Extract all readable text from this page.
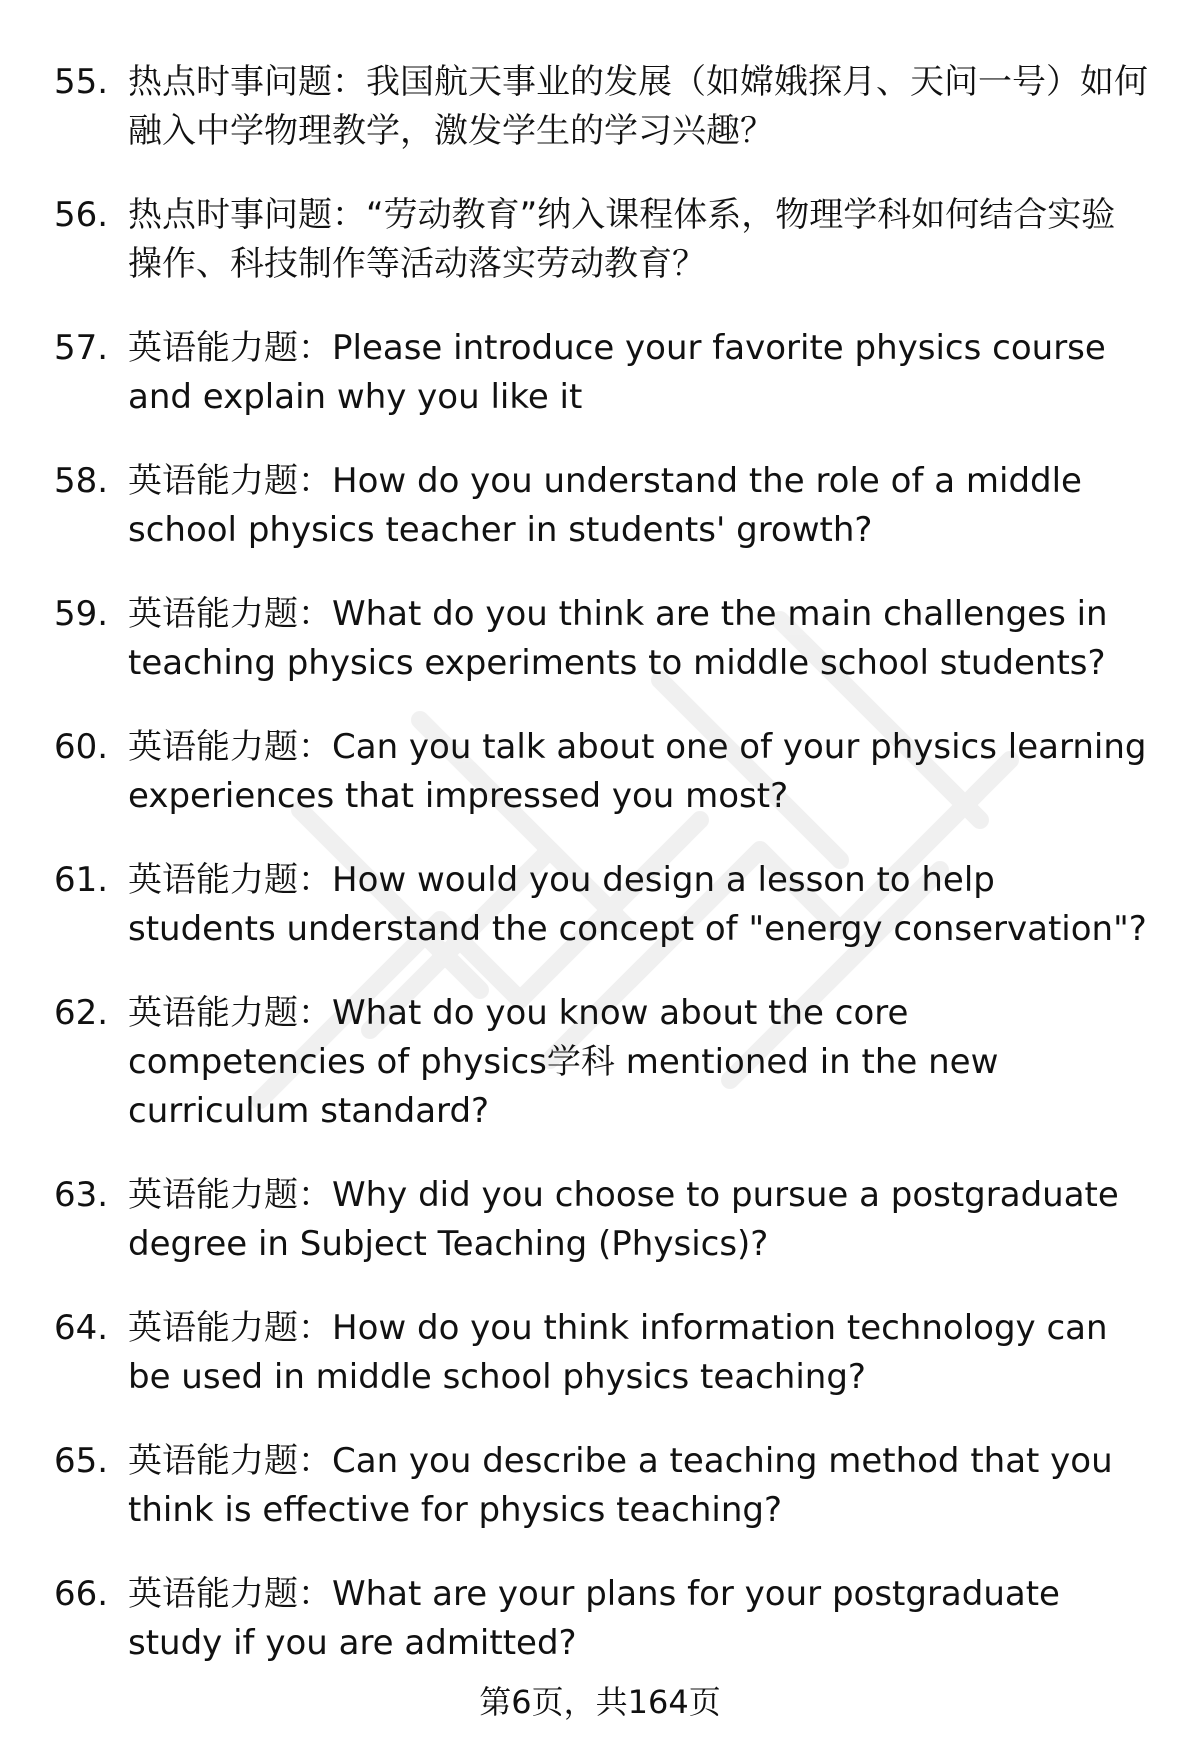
55. 热点时事问题：我国航天事业的发展（如嫦娥探月、天问一号）如何融入中学物理教学，激发学生的学习兴趣？
56. 热点时事问题：“劳动教育”纳入课程体系，物理学科如何结合实验操作、科技制作等活动落实劳动教育？
57. 英语能力题：Please introduce your favorite physics course and explain why you like it
58. 英语能力题：How do you understand the role of a middle school physics teacher in students' growth?
59. 英语能力题：What do you think are the main challenges in teaching physics experiments to middle school students?
60. 英语能力题：Can you talk about one of your physics learning experiences that impressed you most?
61. 英语能力题：How would you design a lesson to help students understand the concept of "energy conservation"?
62. 英语能力题：What do you know about the core competencies of physics学科 mentioned in the new curriculum standard?
63. 英语能力题：Why did you choose to pursue a postgraduate degree in Subject Teaching (Physics)?
64. 英语能力题：How do you think information technology can be used in middle school physics teaching?
65. 英语能力题：Can you describe a teaching method that you think is effective for physics teaching?
66. 英语能力题：What are your plans for your postgraduate study if you are admitted?
第6页，共164页
